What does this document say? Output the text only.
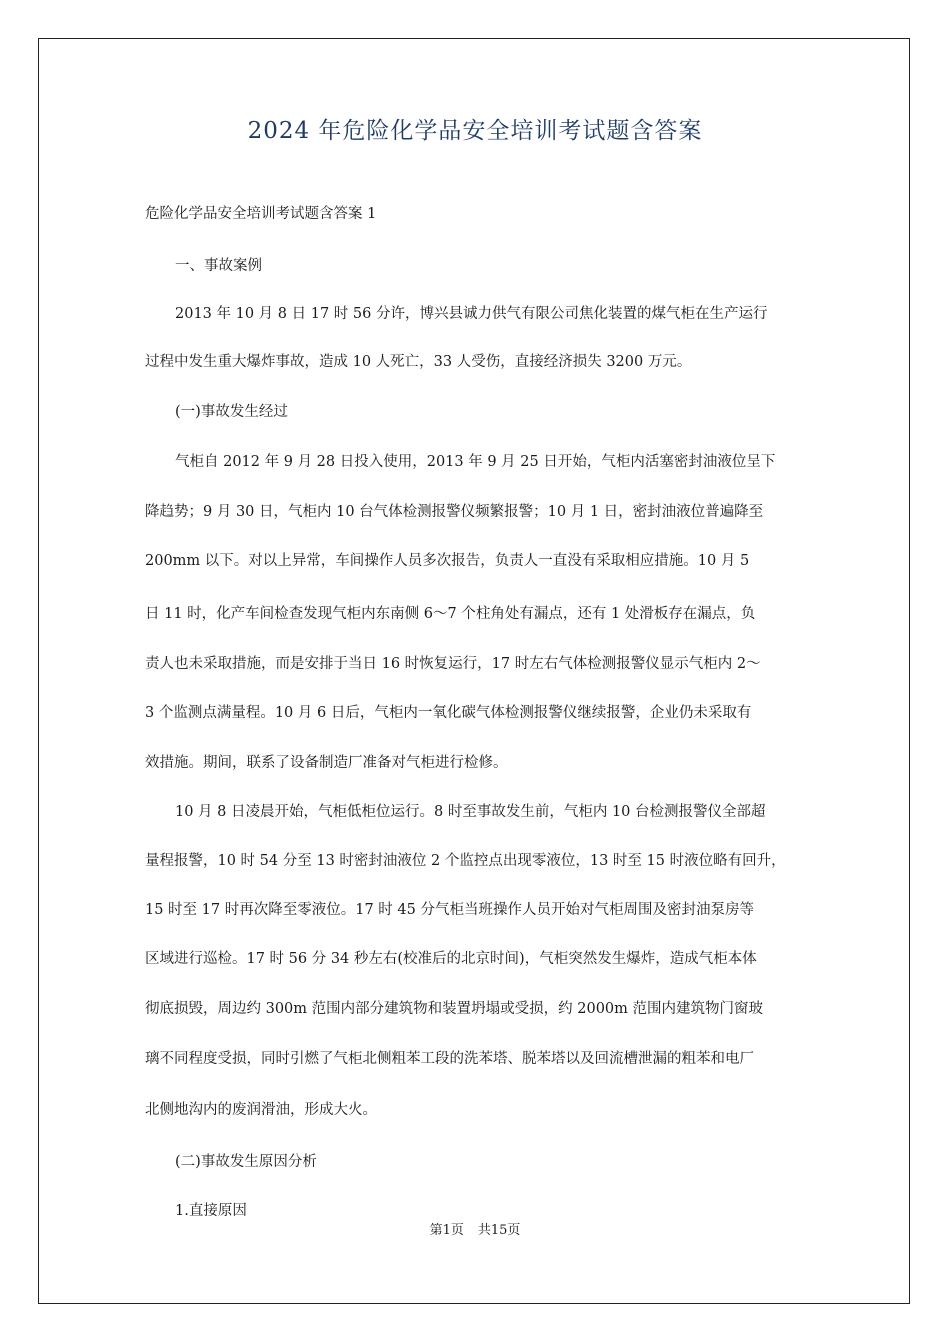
2024 年危险化学品安全培训考试题含答案
危险化学品安全培训考试题含答案 1
一、事故案例
2013 年 10 月 8 日 17 时 56 分许，博兴县诚力供气有限公司焦化装置的煤气柜在生产运行
过程中发生重大爆炸事故，造成 10 人死亡，33 人受伤，直接经济损失 3200 万元。
(一)事故发生经过
气柜自 2012 年 9 月 28 日投入使用，2013 年 9 月 25 日开始，气柜内活塞密封油液位呈下
降趋势；9 月 30 日，气柜内 10 台气体检测报警仪频繁报警；10 月 1 日，密封油液位普遍降至
200mm 以下。对以上异常，车间操作人员多次报告，负责人一直没有采取相应措施。10 月 5
日 11 时，化产车间检查发现气柜内东南侧 6～7 个柱角处有漏点，还有 1 处滑板存在漏点，负
责人也未采取措施，而是安排于当日 16 时恢复运行，17 时左右气体检测报警仪显示气柜内 2～
3 个监测点满量程。10 月 6 日后，气柜内一氧化碳气体检测报警仪继续报警，企业仍未采取有
效措施。期间，联系了设备制造厂准备对气柜进行检修。
10 月 8 日凌晨开始，气柜低柜位运行。8 时至事故发生前，气柜内 10 台检测报警仪全部超
量程报警，10 时 54 分至 13 时密封油液位 2 个监控点出现零液位，13 时至 15 时液位略有回升，
15 时至 17 时再次降至零液位。17 时 45 分气柜当班操作人员开始对气柜周围及密封油泵房等
区域进行巡检。17 时 56 分 34 秒左右(校准后的北京时间)，气柜突然发生爆炸，造成气柜本体
彻底损毁，周边约 300m 范围内部分建筑物和装置坍塌或受损，约 2000m 范围内建筑物门窗玻
璃不同程度受损，同时引燃了气柜北侧粗苯工段的洗苯塔、脱苯塔以及回流槽泄漏的粗苯和电厂
北侧地沟内的废润滑油，形成大火。
(二)事故发生原因分析
1.直接原因
第1页 共15页
